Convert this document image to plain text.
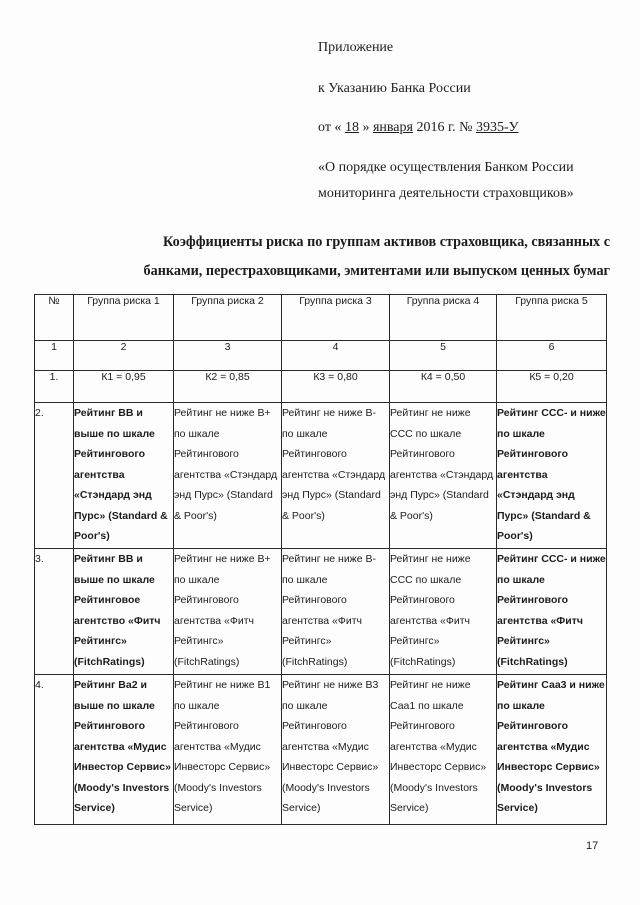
Приложение
к Указанию Банка России
от « 18 » января 2016 г. № 3935-У
«О порядке осуществления Банком России
мониторинга деятельности страховщиков»
Коэффициенты риска по группам активов страховщика, связанных с
банками, перестраховщиками, эмитентами или выпуском ценных бумаг
№	Группа риска 1	Группа риска 2	Группа риска 3	Группа риска 4	Группа риска 5
1	2	3	4	5	6
1.	К1 = 0,95	К2 = 0,85	К3 = 0,80	К4 = 0,50	К5 = 0,20
2.	Рейтинг ВВ и выше по шкале Рейтингового агентства «Стэндард энд Пурс» (Standard & Poor's)	Рейтинг не ниже В+ по шкале Рейтингового агентства «Стэндард энд Пурс» (Standard & Poor's)	Рейтинг не ниже В- по шкале Рейтингового агентства «Стэндард энд Пурс» (Standard & Poor's)	Рейтинг не ниже ССС по шкале Рейтингового агентства «Стэндард энд Пурс» (Standard & Poor's)	Рейтинг ССС- и ниже по шкале Рейтингового агентства «Стэндард энд Пурс» (Standard & Poor's)
3.	Рейтинг ВВ и выше по шкале Рейтинговое агентство «Фитч Рейтингс» (FitchRatings)	Рейтинг не ниже В+ по шкале Рейтингового агентства «Фитч Рейтингс» (FitchRatings)	Рейтинг не ниже В- по шкале Рейтингового агентства «Фитч Рейтингс» (FitchRatings)	Рейтинг не ниже ССС по шкале Рейтингового агентства «Фитч Рейтингс» (FitchRatings)	Рейтинг ССС- и ниже по шкале Рейтингового агентства «Фитч Рейтингс» (FitchRatings)
4.	Рейтинг Ва2 и выше по шкале Рейтингового агентства «Мудис Инвестор Сервис» (Moody's Investors Service)	Рейтинг не ниже В1 по шкале Рейтингового агентства «Мудис Инвесторс Сервис» (Moody's Investors Service)	Рейтинг не ниже В3 по шкале Рейтингового агентства «Мудис Инвесторс Сервис» (Moody's Investors Service)	Рейтинг не ниже Саа1 по шкале Рейтингового агентства «Мудис Инвесторс Сервис» (Moody's Investors Service)	Рейтинг Саа3 и ниже по шкале Рейтингового агентства «Мудис Инвесторс Сервис» (Moody's Investors Service)
17
